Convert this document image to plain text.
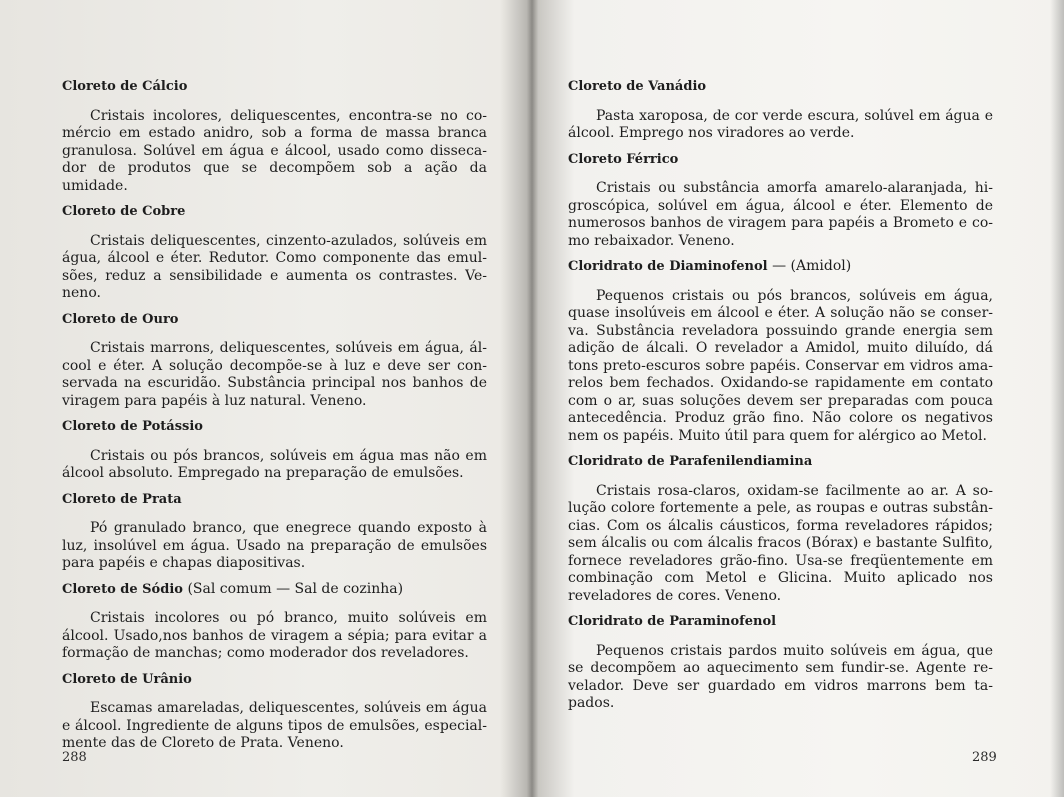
Cloreto de Cálcio

Cristais incolores, deliquescentes, encontra-se no comércio em estado anidro, sob a forma de massa branca granulosa. Solúvel em água e álcool, usado como dissecador de produtos que se decompõem sob a ação da umidade.

Cloreto de Cobre

Cristais deliquescentes, cinzento-azulados, solúveis em água, álcool e éter. Redutor. Como componente das emulsões, reduz a sensibilidade e aumenta os contrastes. Veneno.

Cloreto de Ouro

Cristais marrons, deliquescentes, solúveis em água, álcool e éter. A solução decompõe-se à luz e deve ser conservada na escuridão. Substância principal nos banhos de viragem para papéis à luz natural. Veneno.

Cloreto de Potássio

Cristais ou pós brancos, solúveis em água mas não em álcool absoluto. Empregado na preparação de emulsões.

Cloreto de Prata

Pó granulado branco, que enegrece quando exposto à luz, insolúvel em água. Usado na preparação de emulsões para papéis e chapas diapositivas.

Cloreto de Sódio (Sal comum — Sal de cozinha)

Cristais incolores ou pó branco, muito solúveis em álcool. Usado,nos banhos de viragem a sépia; para evitar a formação de manchas; como moderador dos reveladores.

Cloreto de Urânio

Escamas amareladas, deliquescentes, solúveis em água e álcool. Ingrediente de alguns tipos de emulsões, especialmente das de Cloreto de Prata. Veneno.

288
Cloreto de Vanádio

Pasta xaroposa, de cor verde escura, solúvel em água e álcool. Emprego nos viradores ao verde.

Cloreto Férrico

Cristais ou substância amorfa amarelo-alaranjada, higroscópica, solúvel em água, álcool e éter. Elemento de numerosos banhos de viragem para papéis a Brometo e como rebaixador. Veneno.

Cloridrato de Diaminofenol — (Amidol)

Pequenos cristais ou pós brancos, solúveis em água, quase insolúveis em álcool e éter. A solução não se conserva. Substância reveladora possuindo grande energia sem adição de álcali. O revelador a Amidol, muito diluído, dá tons preto-escuros sobre papéis. Conservar em vidros amarelos bem fechados. Oxidando-se rapidamente em contato com o ar, suas soluções devem ser preparadas com pouca antecedência. Produz grão fino. Não colore os negativos nem os papéis. Muito útil para quem for alérgico ao Metol.

Cloridrato de Parafenilendiamina

Cristais rosa-claros, oxidam-se facilmente ao ar. A solução colore fortemente a pele, as roupas e outras substâncias. Com os álcalis cáusticos, forma reveladores rápidos; sem álcalis ou com álcalis fracos (Bórax) e bastante Sulfito, fornece reveladores grão-fino. Usa-se freqüentemente em combinação com Metol e Glicina. Muito aplicado nos reveladores de cores. Veneno.

Cloridrato de Paraminofenol

Pequenos cristais pardos muito solúveis em água, que se decompõem ao aquecimento sem fundir-se. Agente revelador. Deve ser guardado em vidros marrons bem tapados.

289
